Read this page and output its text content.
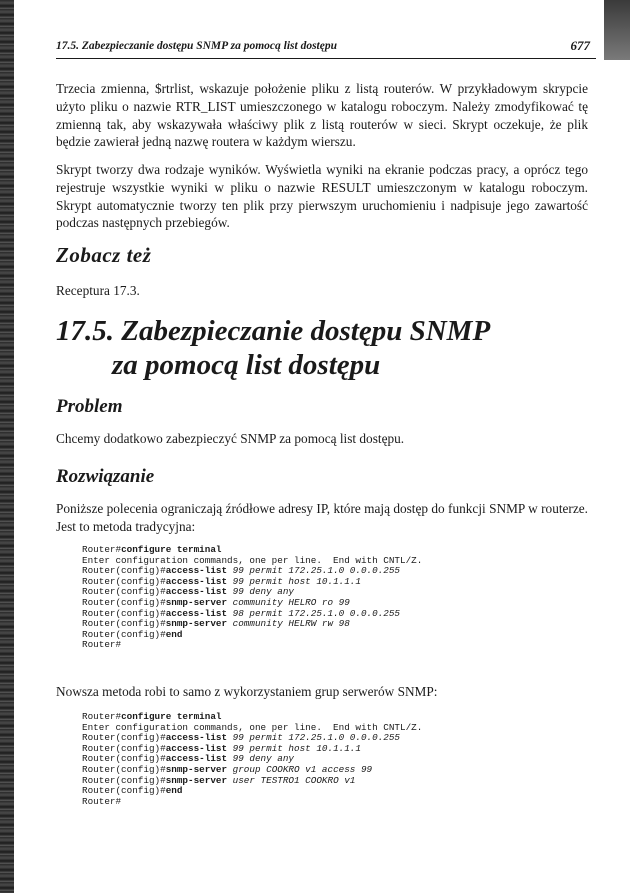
17.5. Zabezpieczanie dostępu SNMP za pomocą list dostępu	677

Trzecia zmienna, $rtrlist, wskazuje położenie pliku z listą routerów. W przykładowym skrypcie użyto pliku o nazwie RTR_LIST umieszczonego w katalogu roboczym. Należy zmodyfikować tę zmienną tak, aby wskazywała właściwy plik z listą routerów w sieci. Skrypt oczekuje, że plik będzie zawierał jedną nazwę routera w każdym wierszu.

Skrypt tworzy dwa rodzaje wyników. Wyświetla wyniki na ekranie podczas pracy, a oprócz tego rejestruje wszystkie wyniki w pliku o nazwie RESULT umieszczonym w katalogu roboczym. Skrypt automatycznie tworzy ten plik przy pierwszym uruchomieniu i nadpisuje jego zawartość podczas następnych przebiegów.

Zobacz też

Receptura 17.3.

17.5. Zabezpieczanie dostępu SNMP
za pomocą list dostępu
Problem

Chcemy dodatkowo zabezpieczyć SNMP za pomocą list dostępu.

Rozwiązanie

Poniższe polecenia ograniczają źródłowe adresy IP, które mają dostęp do funkcji SNMP w routerze. Jest to metoda tradycyjna:

Router#configure terminal
Enter configuration commands, one per line.  End with CNTL/Z.
Router(config)#access-list 99 permit 172.25.1.0 0.0.0.255
Router(config)#access-list 99 permit host 10.1.1.1
Router(config)#access-list 99 deny any
Router(config)#snmp-server community HELRO ro 99
Router(config)#access-list 98 permit 172.25.1.0 0.0.0.255
Router(config)#snmp-server community HELRW rw 98
Router(config)#end
Router#

Nowsza metoda robi to samo z wykorzystaniem grup serwerów SNMP:

Router#configure terminal
Enter configuration commands, one per line.  End with CNTL/Z.
Router(config)#access-list 99 permit 172.25.1.0 0.0.0.255
Router(config)#access-list 99 permit host 10.1.1.1
Router(config)#access-list 99 deny any
Router(config)#snmp-server group COOKRO v1 access 99
Router(config)#snmp-server user TESTRO1 COOKRO v1
Router(config)#end
Router#
